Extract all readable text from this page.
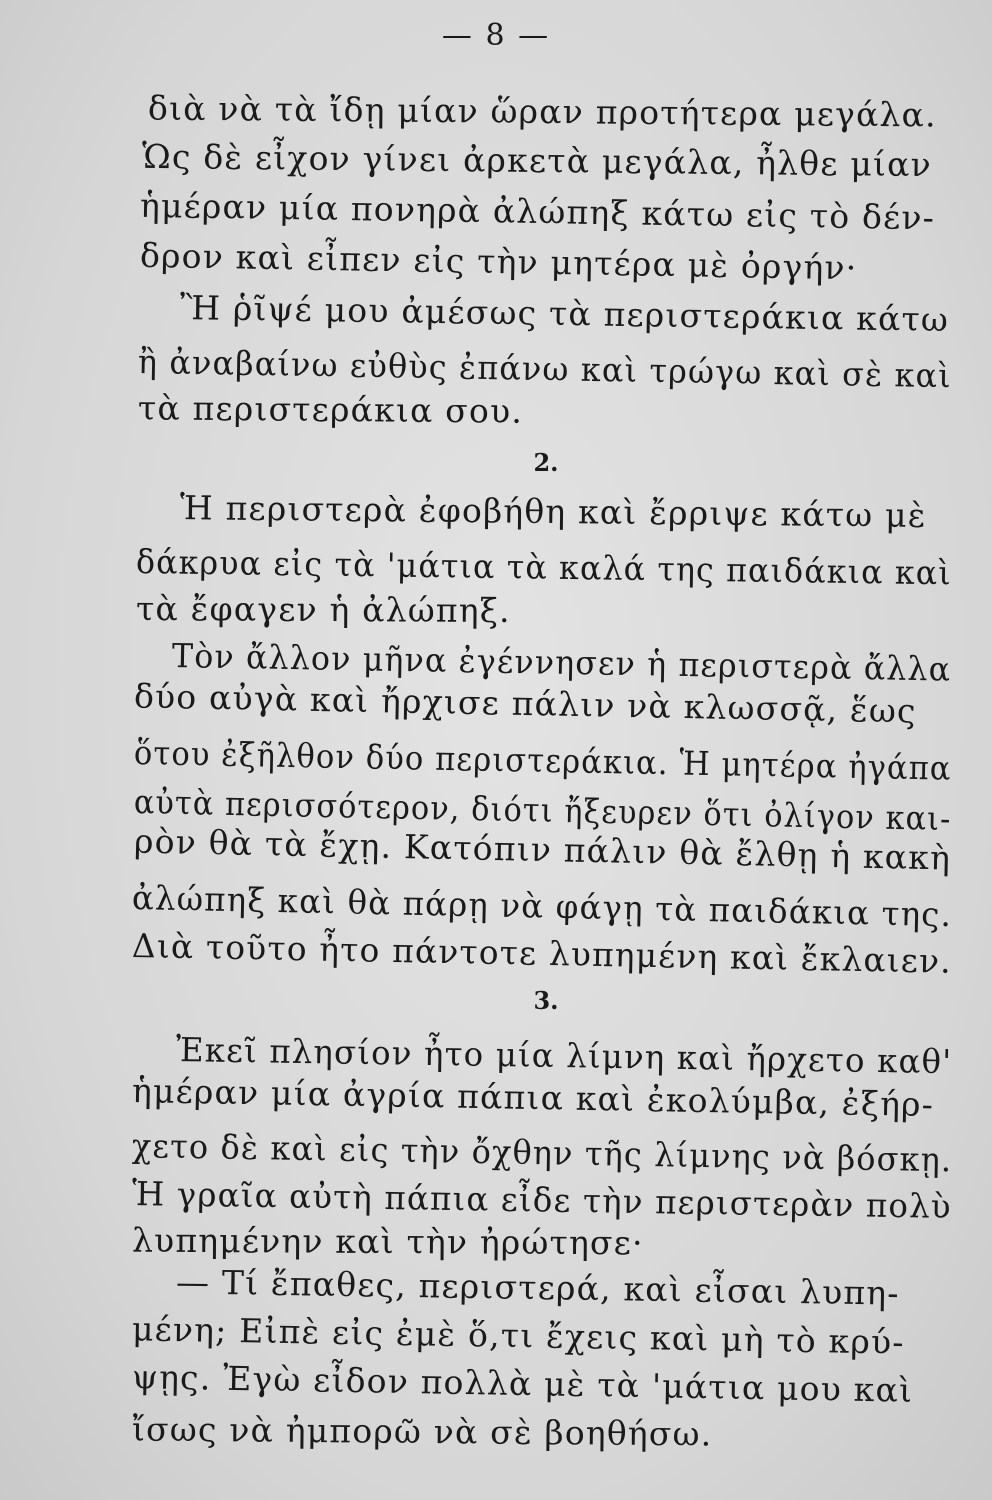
— 8 —
διὰ νὰ τὰ ἴδῃ μίαν ὥραν προτήτερα μεγάλα.
Ὡς δὲ εἶχον γίνει ἀρκετὰ μεγάλα, ἦλθε μίαν
ἡμέραν μία πονηρὰ ἀλώπηξ κάτω εἰς τὸ δέν-
δρον καὶ εἶπεν εἰς τὴν μητέρα μὲ ὀργήν·
Ἢ ῥῖψέ μου ἀμέσως τὰ περιστεράκια κάτω
ἢ ἀναβαίνω εὐθὺς ἐπάνω καὶ τρώγω καὶ σὲ καὶ
τὰ περιστεράκια σου.
2.
Ἡ περιστερὰ ἐφοβήθη καὶ ἔρριψε κάτω μὲ
δάκρυα εἰς τὰ 'μάτια τὰ καλά της παιδάκια καὶ
τὰ ἔφαγεν ἡ ἀλώπηξ.
Τὸν ἄλλον μῆνα ἐγέννησεν ἡ περιστερὰ ἄλλα
δύο αὐγὰ καὶ ἤρχισε πάλιν νὰ κλωσσᾷ, ἕως
ὅτου ἐξῆλθον δύο περιστεράκια. Ἡ μητέρα ἠγάπα
αὐτὰ περισσότερον, διότι ἤξευρεν ὅτι ὀλίγον και-
ρὸν θὰ τὰ ἔχῃ. Κατόπιν πάλιν θὰ ἔλθῃ ἡ κακὴ
ἀλώπηξ καὶ θὰ πάρῃ νὰ φάγῃ τὰ παιδάκια της.
Διὰ τοῦτο ἦτο πάντοτε λυπημένη καὶ ἔκλαιεν.
3.
Ἐκεῖ πλησίον ἦτο μία λίμνη καὶ ἤρχετο καθ'
ἡμέραν μία ἀγρία πάπια καὶ ἐκολύμβα, ἐξήρ-
χετο δὲ καὶ εἰς τὴν ὄχθην τῆς λίμνης νὰ βόσκῃ.
Ἡ γραῖα αὐτὴ πάπια εἶδε τὴν περιστερὰν πολὺ
λυπημένην καὶ τὴν ἠρώτησε·
— Τί ἔπαθες, περιστερά, καὶ εἶσαι λυπη-
μένη; Εἰπὲ εἰς ἐμὲ ὅ,τι ἔχεις καὶ μὴ τὸ κρύ-
ψῃς. Ἐγὼ εἶδον πολλὰ μὲ τὰ 'μάτια μου καὶ
ἴσως νὰ ἠμπορῶ νὰ σὲ βοηθήσω.
